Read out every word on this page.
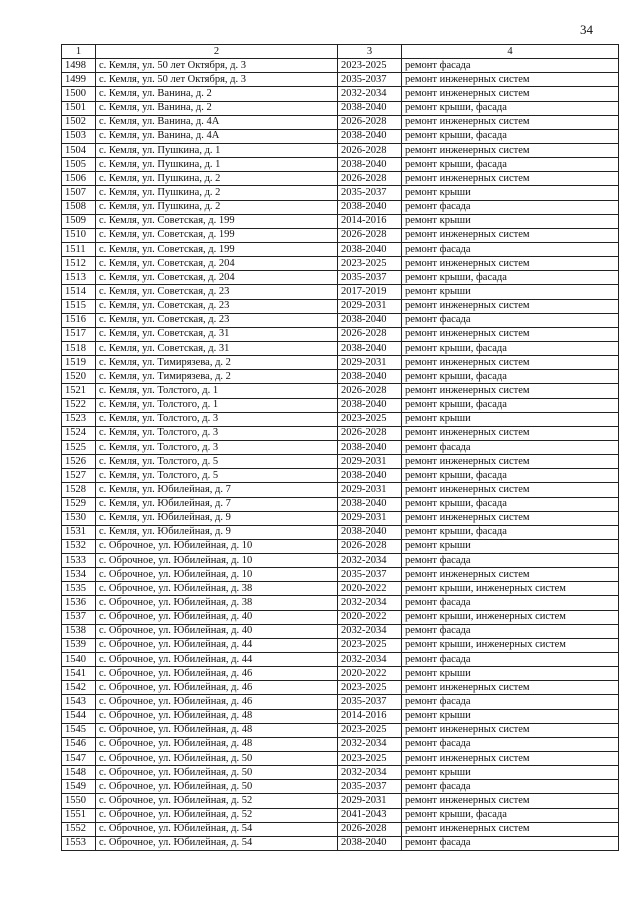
34
1	2	3	4
1498	с. Кемля, ул. 50 лет Октября, д. 3	2023-2025	ремонт фасада
1499	с. Кемля, ул. 50 лет Октября, д. 3	2035-2037	ремонт инженерных систем
1500	с. Кемля, ул. Ванина, д. 2	2032-2034	ремонт инженерных систем
1501	с. Кемля, ул. Ванина, д. 2	2038-2040	ремонт крыши, фасада
1502	с. Кемля, ул. Ванина, д. 4А	2026-2028	ремонт инженерных систем
1503	с. Кемля, ул. Ванина, д. 4А	2038-2040	ремонт крыши, фасада
1504	с. Кемля, ул. Пушкина, д. 1	2026-2028	ремонт инженерных систем
1505	с. Кемля, ул. Пушкина, д. 1	2038-2040	ремонт крыши, фасада
1506	с. Кемля, ул. Пушкина, д. 2	2026-2028	ремонт инженерных систем
1507	с. Кемля, ул. Пушкина, д. 2	2035-2037	ремонт крыши
1508	с. Кемля, ул. Пушкина, д. 2	2038-2040	ремонт фасада
1509	с. Кемля, ул. Советская, д. 199	2014-2016	ремонт крыши
1510	с. Кемля, ул. Советская, д. 199	2026-2028	ремонт инженерных систем
1511	с. Кемля, ул. Советская, д. 199	2038-2040	ремонт фасада
1512	с. Кемля, ул. Советская, д. 204	2023-2025	ремонт инженерных систем
1513	с. Кемля, ул. Советская, д. 204	2035-2037	ремонт крыши, фасада
1514	с. Кемля, ул. Советская, д. 23	2017-2019	ремонт крыши
1515	с. Кемля, ул. Советская, д. 23	2029-2031	ремонт инженерных систем
1516	с. Кемля, ул. Советская, д. 23	2038-2040	ремонт фасада
1517	с. Кемля, ул. Советская, д. 31	2026-2028	ремонт инженерных систем
1518	с. Кемля, ул. Советская, д. 31	2038-2040	ремонт крыши, фасада
1519	с. Кемля, ул. Тимирязева, д. 2	2029-2031	ремонт инженерных систем
1520	с. Кемля, ул. Тимирязева, д. 2	2038-2040	ремонт крыши, фасада
1521	с. Кемля, ул. Толстого, д. 1	2026-2028	ремонт инженерных систем
1522	с. Кемля, ул. Толстого, д. 1	2038-2040	ремонт крыши, фасада
1523	с. Кемля, ул. Толстого, д. 3	2023-2025	ремонт крыши
1524	с. Кемля, ул. Толстого, д. 3	2026-2028	ремонт инженерных систем
1525	с. Кемля, ул. Толстого, д. 3	2038-2040	ремонт фасада
1526	с. Кемля, ул. Толстого, д. 5	2029-2031	ремонт инженерных систем
1527	с. Кемля, ул. Толстого, д. 5	2038-2040	ремонт крыши, фасада
1528	с. Кемля, ул. Юбилейная, д. 7	2029-2031	ремонт инженерных систем
1529	с. Кемля, ул. Юбилейная, д. 7	2038-2040	ремонт крыши, фасада
1530	с. Кемля, ул. Юбилейная, д. 9	2029-2031	ремонт инженерных систем
1531	с. Кемля, ул. Юбилейная, д. 9	2038-2040	ремонт крыши, фасада
1532	с. Оброчное, ул. Юбилейная, д. 10	2026-2028	ремонт крыши
1533	с. Оброчное, ул. Юбилейная, д. 10	2032-2034	ремонт фасада
1534	с. Оброчное, ул. Юбилейная, д. 10	2035-2037	ремонт инженерных систем
1535	с. Оброчное, ул. Юбилейная, д. 38	2020-2022	ремонт крыши, инженерных систем
1536	с. Оброчное, ул. Юбилейная, д. 38	2032-2034	ремонт фасада
1537	с. Оброчное, ул. Юбилейная, д. 40	2020-2022	ремонт крыши, инженерных систем
1538	с. Оброчное, ул. Юбилейная, д. 40	2032-2034	ремонт фасада
1539	с. Оброчное, ул. Юбилейная, д. 44	2023-2025	ремонт крыши, инженерных систем
1540	с. Оброчное, ул. Юбилейная, д. 44	2032-2034	ремонт фасада
1541	с. Оброчное, ул. Юбилейная, д. 46	2020-2022	ремонт крыши
1542	с. Оброчное, ул. Юбилейная, д. 46	2023-2025	ремонт инженерных систем
1543	с. Оброчное, ул. Юбилейная, д. 46	2035-2037	ремонт фасада
1544	с. Оброчное, ул. Юбилейная, д. 48	2014-2016	ремонт крыши
1545	с. Оброчное, ул. Юбилейная, д. 48	2023-2025	ремонт инженерных систем
1546	с. Оброчное, ул. Юбилейная, д. 48	2032-2034	ремонт фасада
1547	с. Оброчное, ул. Юбилейная, д. 50	2023-2025	ремонт инженерных систем
1548	с. Оброчное, ул. Юбилейная, д. 50	2032-2034	ремонт крыши
1549	с. Оброчное, ул. Юбилейная, д. 50	2035-2037	ремонт фасада
1550	с. Оброчное, ул. Юбилейная, д. 52	2029-2031	ремонт инженерных систем
1551	с. Оброчное, ул. Юбилейная, д. 52	2041-2043	ремонт крыши, фасада
1552	с. Оброчное, ул. Юбилейная, д. 54	2026-2028	ремонт инженерных систем
1553	с. Оброчное, ул. Юбилейная, д. 54	2038-2040	ремонт фасада
